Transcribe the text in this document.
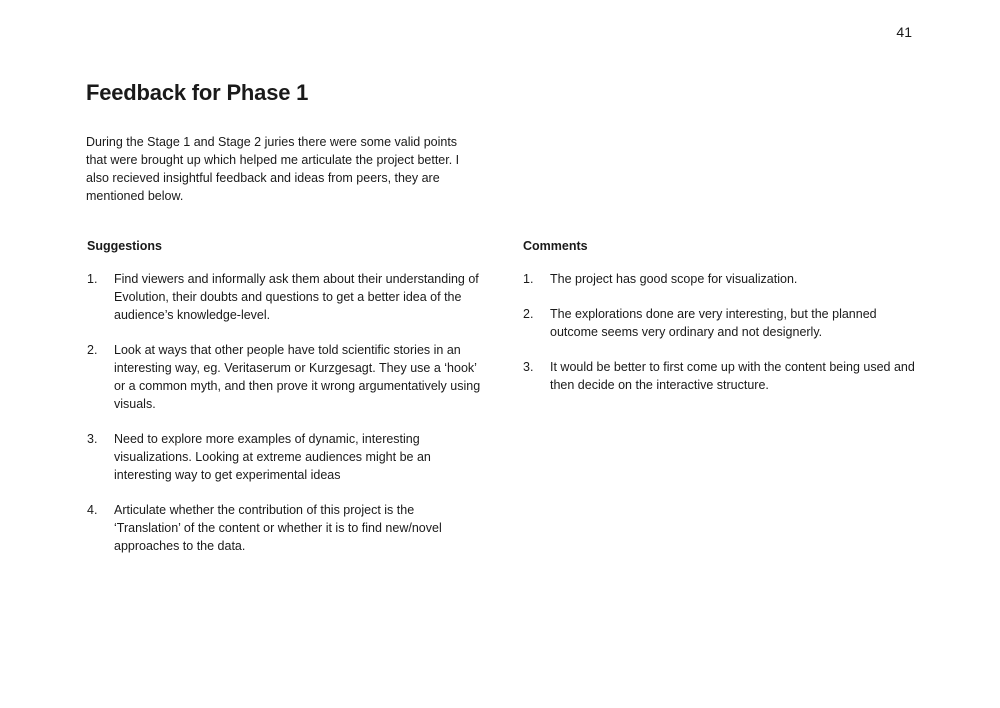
41
Feedback for Phase 1

During the Stage 1 and Stage 2 juries there were some valid points that were brought up which helped me articulate the project better. I also recieved insightful feedback and ideas from peers, they are mentioned below.

Suggestions
1.	Find viewers and informally ask them about their understanding of Evolution, their doubts and questions to get a better idea of the audience’s knowledge-level.
2.	Look at ways that other people have told scientific stories in an interesting way, eg. Veritaserum or Kurzgesagt. They use a ‘hook’ or a common myth, and then prove it wrong argumentatively using visuals.
3.	Need to explore more examples of dynamic, interesting visualizations. Looking at extreme audiences might be an interesting way to get experimental ideas
4.	Articulate whether the contribution of this project is the ‘Translation’ of the content or whether it is to find new/novel approaches to the data.
Comments
1.	The project has good scope for visualization.
2.	The explorations done are very interesting, but the planned outcome seems very ordinary and not designerly.
3.	It would be better to first come up with the content being used and then decide on the interactive structure.
